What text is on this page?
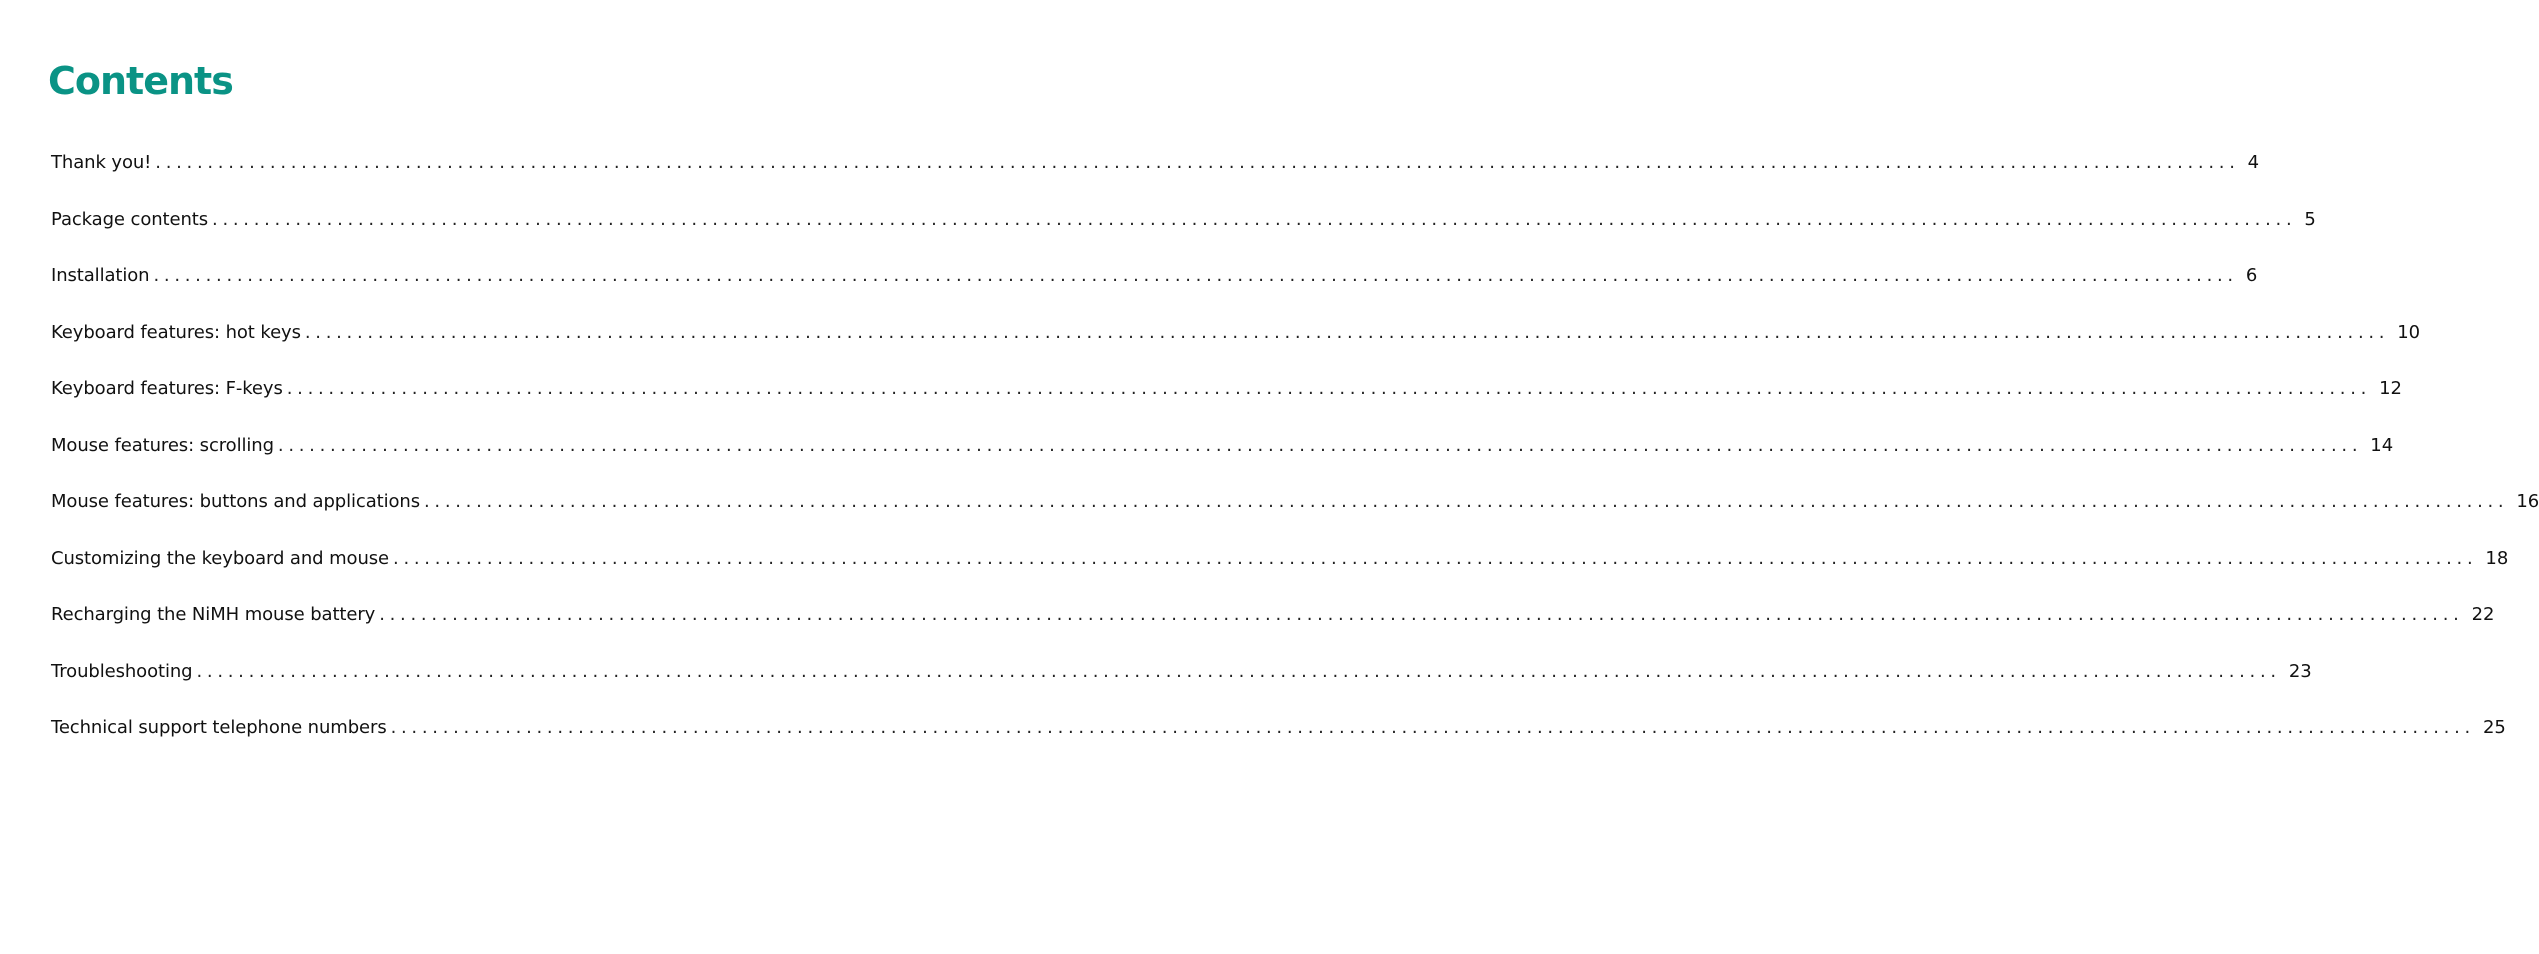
Contents
Thank you! ........................................................................................................................................................................................................ 4
Package contents ........................................................................................................................................................................................................ 5
Installation ........................................................................................................................................................................................................ 6
Keyboard features: hot keys ........................................................................................................................................................................................................ 10
Keyboard features: F-keys ........................................................................................................................................................................................................ 12
Mouse features: scrolling ........................................................................................................................................................................................................ 14
Mouse features: buttons and applications ........................................................................................................................................................................................................ 16
Customizing the keyboard and mouse ........................................................................................................................................................................................................ 18
Recharging the NiMH mouse battery ........................................................................................................................................................................................................ 22
Troubleshooting ........................................................................................................................................................................................................ 23
Technical support telephone numbers ........................................................................................................................................................................................................ 25
